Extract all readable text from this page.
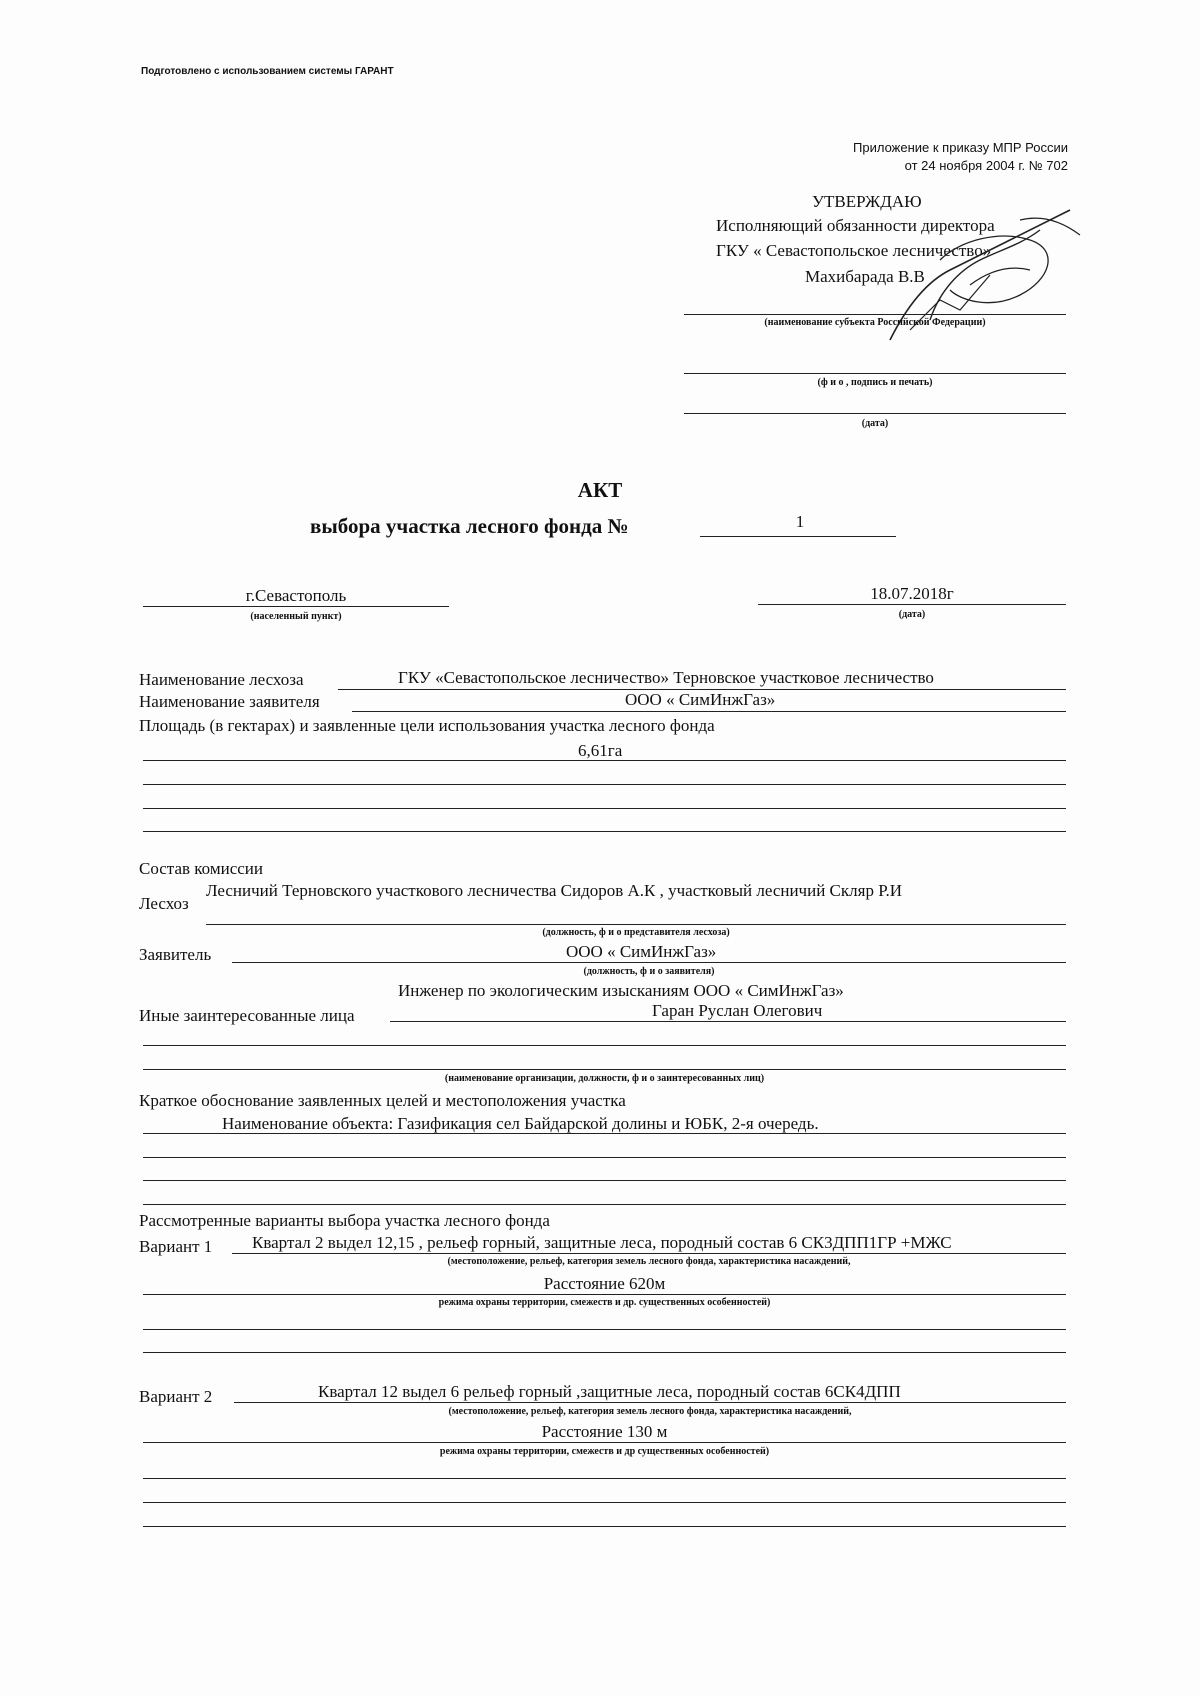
Подготовлено с использованием системы ГАРАНТ
Приложение к приказу МПР России
от 24 ноября 2004 г. № 702
УТВЕРЖДАЮ
Исполняющий обязанности директора
ГКУ « Севастопольское лесничество»
Махибарада В.В
(наименование субъекта Российской Федерации)
(ф и о , подпись и печать)
(дата)
АКТ
выбора участка лесного фонда №	1
г.Севастополь
(населенный пункт)
18.07.2018г
(дата)
Наименование лесхоза	ГКУ «Севастопольское лесничество» Терновское участковое лесничество
Наименование заявителя	ООО « СимИнжГаз»
Площадь (в гектарах) и заявленные цели использования участка лесного фонда
6,61га
Состав комиссии
Лесхоз
Лесничий Терновского участкового лесничества Сидоров А.К , участковый лесничий Скляр Р.И
(должность, ф и о представителя лесхоза)
Заявитель	ООО « СимИнжГаз»
(должность, ф и о заявителя)
Инженер по экологическим изысканиям ООО « СимИнжГаз»
Иные заинтересованные лица	Гаран Руслан Олегович
(наименование организации, должности, ф и о заинтересованных лиц)
Краткое обоснование заявленных целей и местоположения участка
Наименование объекта: Газификация сел Байдарской долины и ЮБК, 2-я очередь.
Рассмотренные варианты выбора участка лесного фонда
Вариант 1 Квартал 2 выдел 12,15 , рельеф горный, защитные леса, породный состав 6 СК3ДПП1ГР +МЖС
(местоположение, рельеф, категория земель лесного фонда, характеристика насаждений,
Расстояние 620м
режима охраны территории, смежеств и др. существенных особенностей)
Вариант 2	Квартал 12 выдел 6 рельеф горный ,защитные леса, породный состав 6СК4ДПП
(местоположение, рельеф, категория земель лесного фонда, характеристика насаждений,
Расстояние 130 м
режима охраны территории, смежеств и др существенных особенностей)
